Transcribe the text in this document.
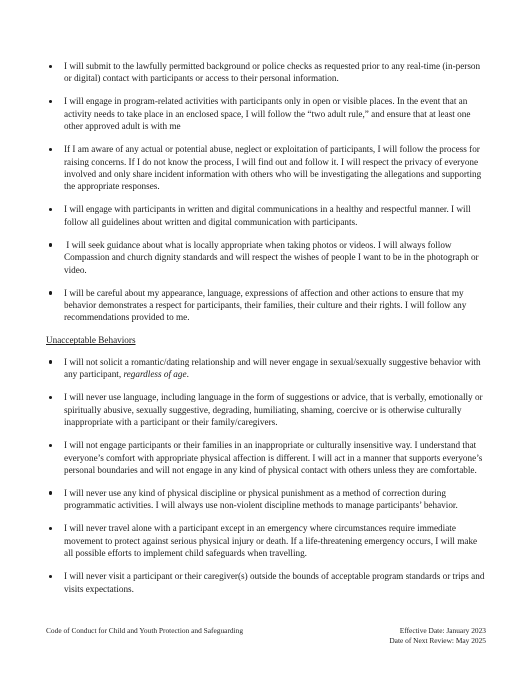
I will submit to the lawfully permitted background or police checks as requested prior to any real-time (in-person or digital) contact with participants or access to their personal information.
I will engage in program-related activities with participants only in open or visible places. In the event that an activity needs to take place in an enclosed space, I will follow the “two adult rule,” and ensure that at least one other approved adult is with me
If I am aware of any actual or potential abuse, neglect or exploitation of participants, I will follow the process for raising concerns. If I do not know the process, I will find out and follow it. I will respect the privacy of everyone involved and only share incident information with others who will be investigating the allegations and supporting the appropriate responses.
I will engage with participants in written and digital communications in a healthy and respectful manner. I will follow all guidelines about written and digital communication with participants.
I will seek guidance about what is locally appropriate when taking photos or videos. I will always follow Compassion and church dignity standards and will respect the wishes of people I want to be in the photograph or video.
I will be careful about my appearance, language, expressions of affection and other actions to ensure that my behavior demonstrates a respect for participants, their families, their culture and their rights. I will follow any recommendations provided to me.
Unacceptable Behaviors
I will not solicit a romantic/dating relationship and will never engage in sexual/sexually suggestive behavior with any participant, regardless of age.
I will never use language, including language in the form of suggestions or advice, that is verbally, emotionally or spiritually abusive, sexually suggestive, degrading, humiliating, shaming, coercive or is otherwise culturally inappropriate with a participant or their family/caregivers.
I will not engage participants or their families in an inappropriate or culturally insensitive way. I understand that everyone’s comfort with appropriate physical affection is different. I will act in a manner that supports everyone’s personal boundaries and will not engage in any kind of physical contact with others unless they are comfortable.
I will never use any kind of physical discipline or physical punishment as a method of correction during programmatic activities. I will always use non-violent discipline methods to manage participants’ behavior.
I will never travel alone with a participant except in an emergency where circumstances require immediate movement to protect against serious physical injury or death. If a life-threatening emergency occurs, I will make all possible efforts to implement child safeguards when travelling.
I will never visit a participant or their caregiver(s) outside the bounds of acceptable program standards or trips and visits expectations.
Code of Conduct for Child and Youth Protection and Safeguarding	Effective Date: January 2023
Date of Next Review: May 2025
